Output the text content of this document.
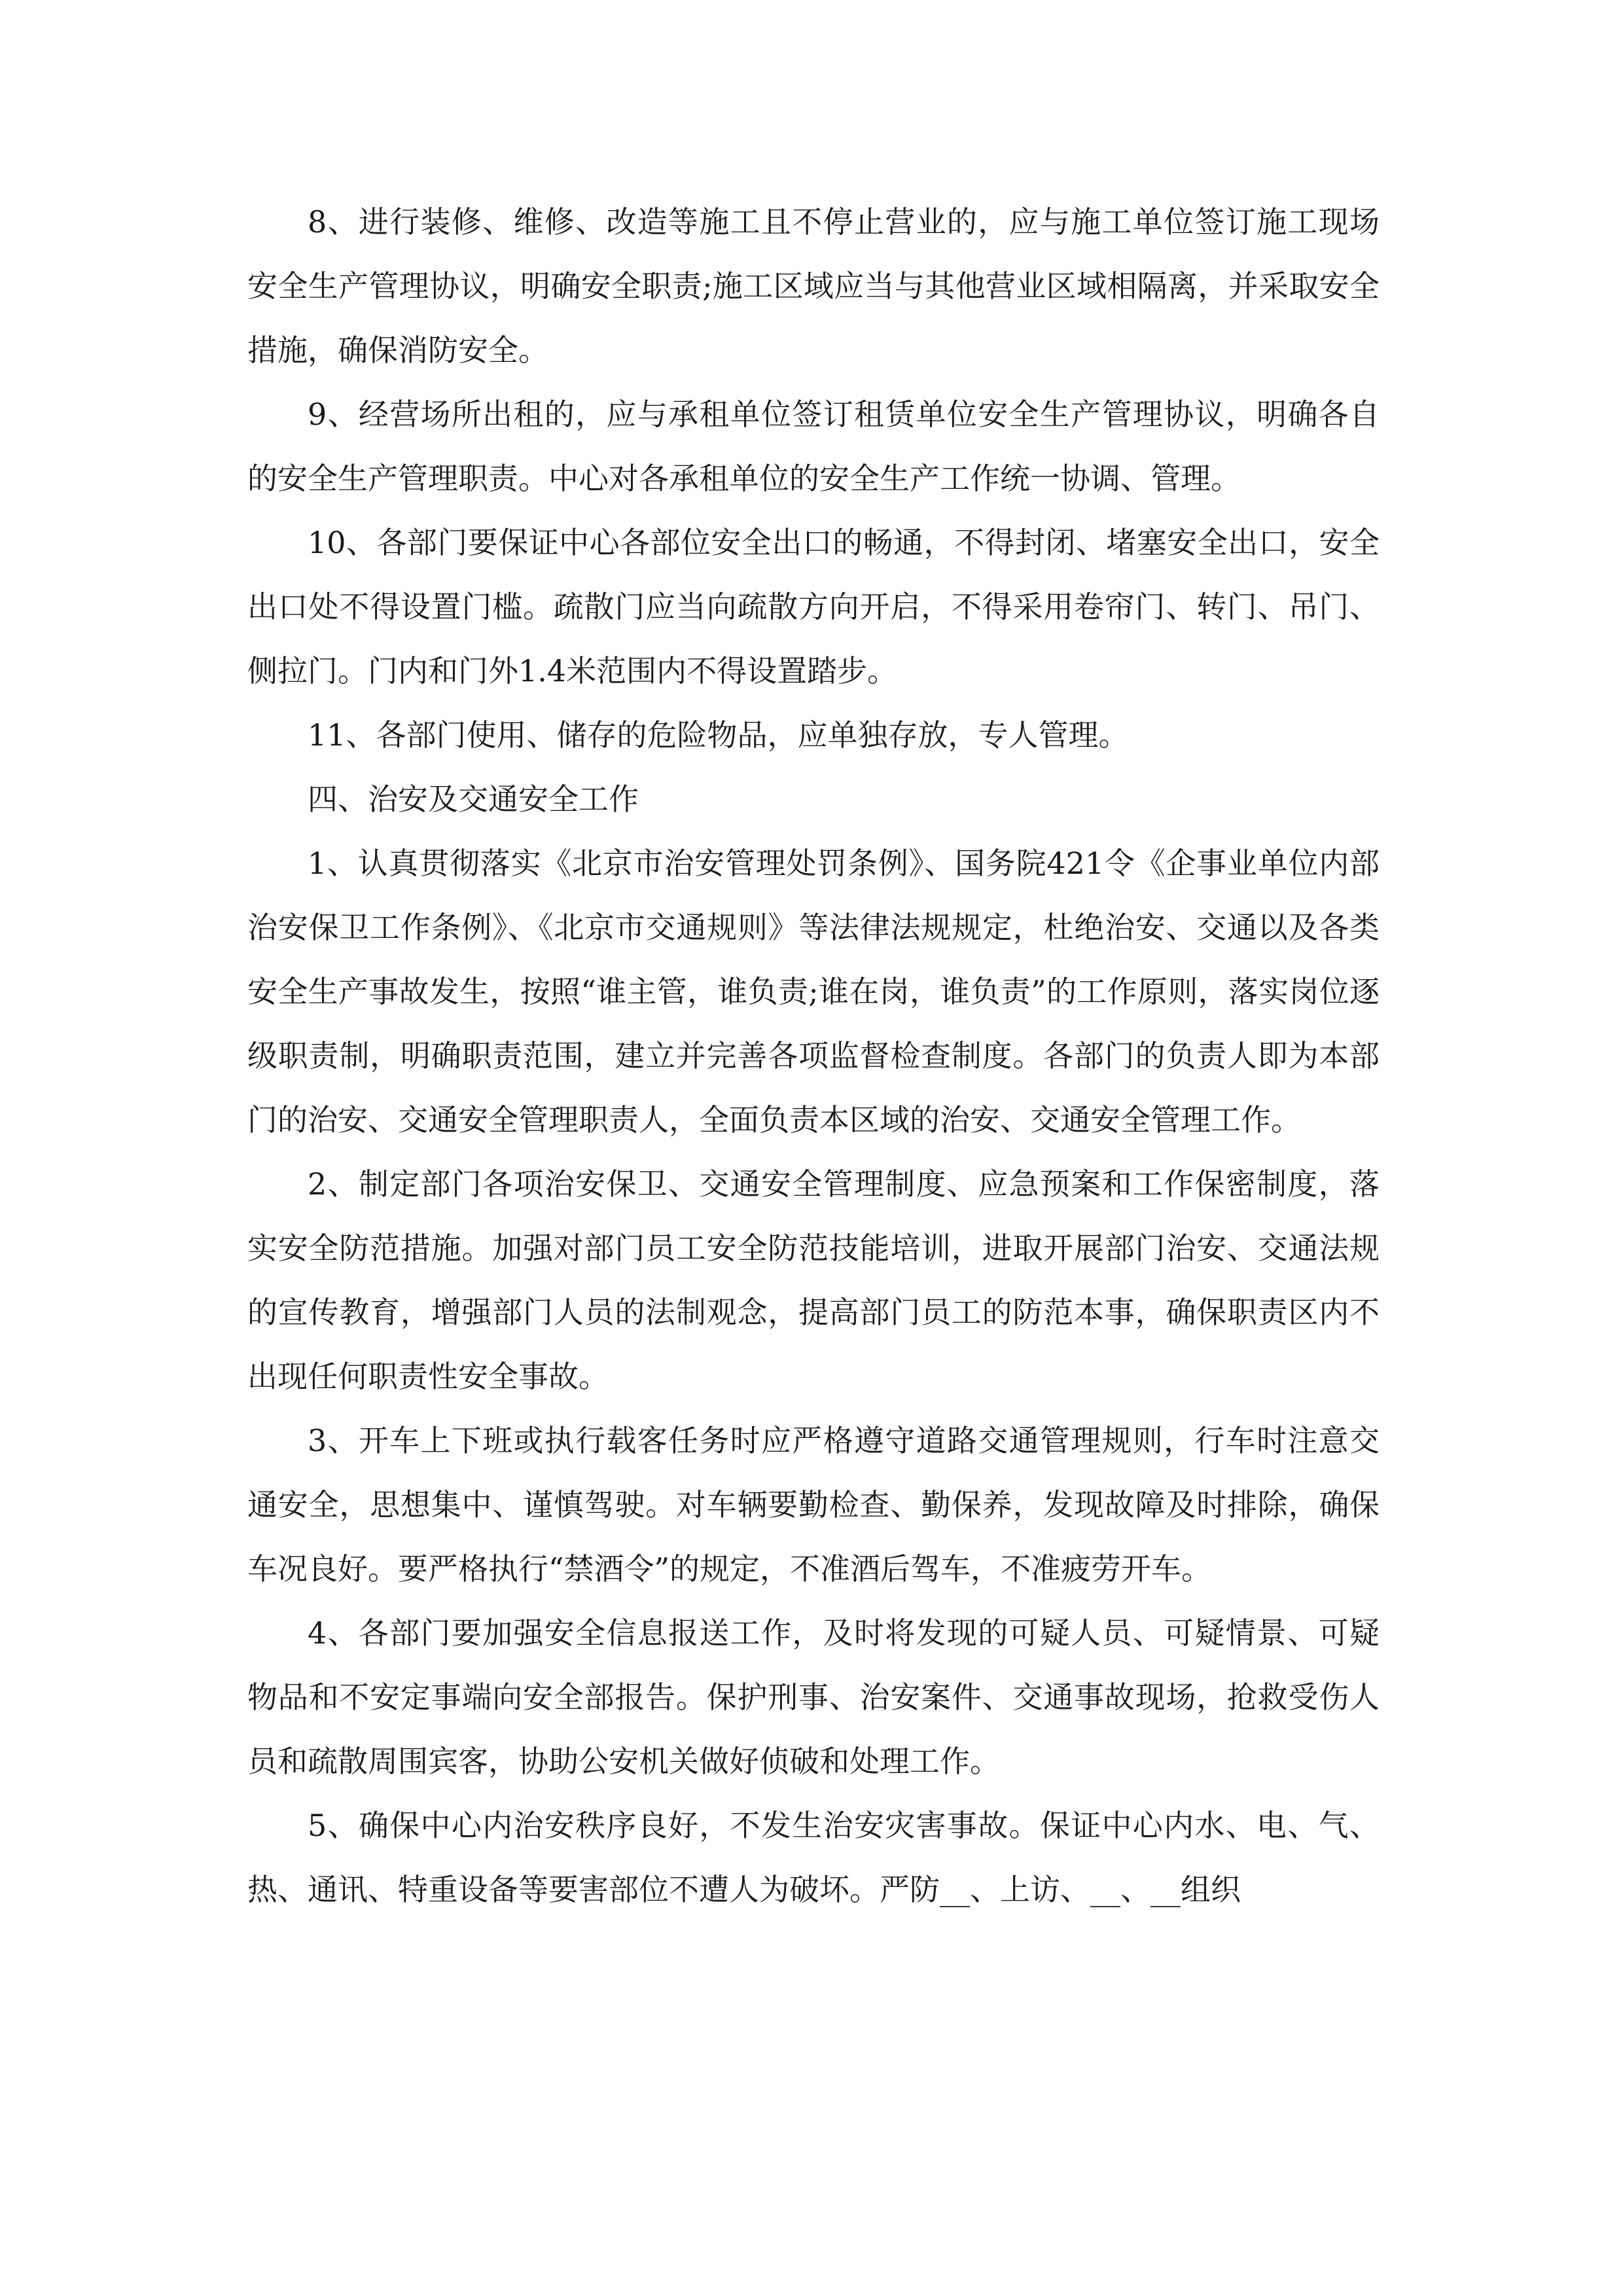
8、进行装修、维修、改造等施工且不停止营业的，应与施工单位签订施工现场安全生产管理协议，明确安全职责;施工区域应当与其他营业区域相隔离，并采取安全措施，确保消防安全。

9、经营场所出租的，应与承租单位签订租赁单位安全生产管理协议，明确各自的安全生产管理职责。中心对各承租单位的安全生产工作统一协调、管理。

10、各部门要保证中心各部位安全出口的畅通，不得封闭、堵塞安全出口，安全出口处不得设置门槛。疏散门应当向疏散方向开启，不得采用卷帘门、转门、吊门、侧拉门。门内和门外1.4米范围内不得设置踏步。

11、各部门使用、储存的危险物品，应单独存放，专人管理。

四、治安及交通安全工作

1、认真贯彻落实《北京市治安管理处罚条例》、国务院421令《企事业单位内部治安保卫工作条例》、《北京市交通规则》等法律法规规定，杜绝治安、交通以及各类安全生产事故发生，按照“谁主管，谁负责;谁在岗，谁负责”的工作原则，落实岗位逐级职责制，明确职责范围，建立并完善各项监督检查制度。各部门的负责人即为本部门的治安、交通安全管理职责人，全面负责本区域的治安、交通安全管理工作。

2、制定部门各项治安保卫、交通安全管理制度、应急预案和工作保密制度，落实安全防范措施。加强对部门员工安全防范技能培训，进取开展部门治安、交通法规的宣传教育，增强部门人员的法制观念，提高部门员工的防范本事，确保职责区内不出现任何职责性安全事故。

3、开车上下班或执行载客任务时应严格遵守道路交通管理规则，行车时注意交通安全，思想集中、谨慎驾驶。对车辆要勤检查、勤保养，发现故障及时排除，确保车况良好。要严格执行“禁酒令”的规定，不准酒后驾车，不准疲劳开车。

4、各部门要加强安全信息报送工作，及时将发现的可疑人员、可疑情景、可疑物品和不安定事端向安全部报告。保护刑事、治安案件、交通事故现场，抢救受伤人员和疏散周围宾客，协助公安机关做好侦破和处理工作。

5、确保中心内治安秩序良好，不发生治安灾害事故。保证中心内水、电、气、热、通讯、特重设备等要害部位不遭人为破坏。严防__、上访、__、__组织
